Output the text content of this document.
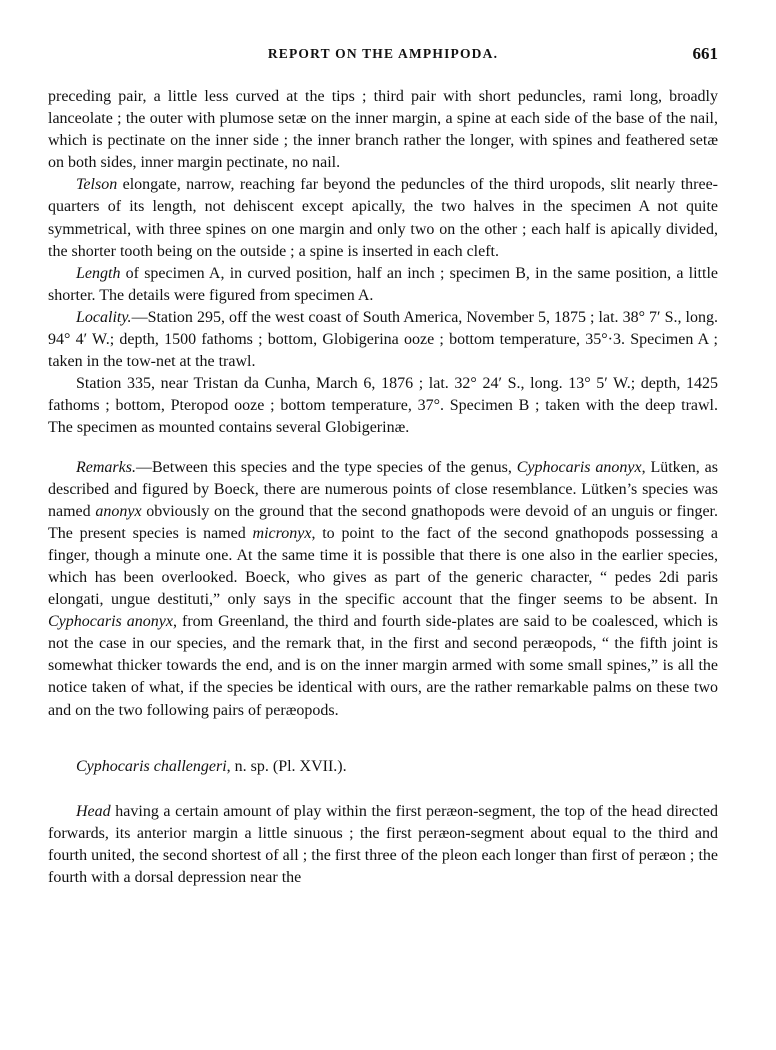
REPORT ON THE AMPHIPODA.	661

preceding pair, a little less curved at the tips ; third pair with short peduncles, rami long, broadly lanceolate ; the outer with plumose setæ on the inner margin, a spine at each side of the base of the nail, which is pectinate on the inner side ; the inner branch rather the longer, with spines and feathered setæ on both sides, inner margin pectinate, no nail.

Telson elongate, narrow, reaching far beyond the peduncles of the third uropods, slit nearly three-quarters of its length, not dehiscent except apically, the two halves in the specimen A not quite symmetrical, with three spines on one margin and only two on the other ; each half is apically divided, the shorter tooth being on the outside ; a spine is inserted in each cleft.

Length of specimen A, in curved position, half an inch ; specimen B, in the same position, a little shorter. The details were figured from specimen A.

Locality.—Station 295, off the west coast of South America, November 5, 1875 ; lat. 38° 7′ S., long. 94° 4′ W.; depth, 1500 fathoms ; bottom, Globigerina ooze ; bottom temperature, 35°·3. Specimen A ; taken in the tow-net at the trawl.

Station 335, near Tristan da Cunha, March 6, 1876 ; lat. 32° 24′ S., long. 13° 5′ W.; depth, 1425 fathoms ; bottom, Pteropod ooze ; bottom temperature, 37°. Specimen B ; taken with the deep trawl. The specimen as mounted contains several Globigerinæ.

Remarks.—Between this species and the type species of the genus, Cyphocaris anonyx, Lütken, as described and figured by Boeck, there are numerous points of close resemblance. Lütken’s species was named anonyx obviously on the ground that the second gnathopods were devoid of an unguis or finger. The present species is named micronyx, to point to the fact of the second gnathopods possessing a finger, though a minute one. At the same time it is possible that there is one also in the earlier species, which has been overlooked. Boeck, who gives as part of the generic character, “ pedes 2di paris elongati, ungue destituti,” only says in the specific account that the finger seems to be absent. In Cyphocaris anonyx, from Greenland, the third and fourth side-plates are said to be coalesced, which is not the case in our species, and the remark that, in the first and second peræopods, “ the fifth joint is somewhat thicker towards the end, and is on the inner margin armed with some small spines,” is all the notice taken of what, if the species be identical with ours, are the rather remarkable palms on these two and on the two following pairs of peræopods.

Cyphocaris challengeri, n. sp. (Pl. XVII.).

Head having a certain amount of play within the first peræon-segment, the top of the head directed forwards, its anterior margin a little sinuous ; the first peræon-segment about equal to the third and fourth united, the second shortest of all ; the first three of the pleon each longer than first of peræon ; the fourth with a dorsal depression near the
